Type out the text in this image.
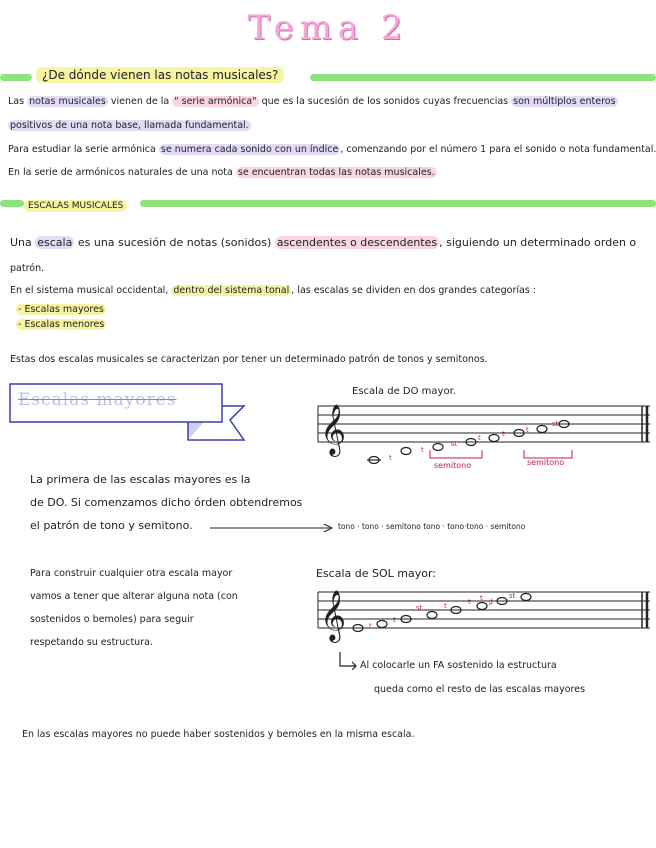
Tema 2
¿De dónde vienen las notas musicales?
Las notas musicales vienen de la " serie armónica" que es la sucesión de los sonidos cuyas frecuencias son múltiplos enteros
positivos de una nota base, llamada fundamental.
Para estudiar la serie armónica se numera cada sonido con un índice , comenzando por el número 1 para el sonido o nota fundamental.
En la serie de armónicos naturales de una nota se encuentran todas las notas musicales.
ESCALAS MUSICALES
Una escala es una sucesión de notas (sonidos) ascendentes o descendentes , siguiendo un determinado orden o
patrón.
En el sistema musical occidental, dentro del sistema tonal , las escalas se dividen en dos grandes categorías :
- Escalas mayores
- Escalas menores
Estas dos escalas musicales se caracterizan por tener un determinado patrón de tonos y semitonos.
Escalas mayores	Escala de DO mayor.
𝄞
t
t
st
t	t	t
st
semitono	semitono
La primera de las escalas mayores es la
de DO. Si comenzamos dicho órden obtendremos
el patrón de tono y semitono.	tono · tono · semitono tono · tono·tono · semitono
Escala de SOL mayor:
𝄞	♯
t
t
st	t	t t	st
Para construir cualquier otra escala mayor
vamos a tener que alterar alguna nota (con
sostenidos o bemoles) para seguir
respetando su estructura.
Al colocarle un FA sostenido la estructura
queda como el resto de las escalas mayores
En las escalas mayores no puede haber sostenidos y bemoles en la misma escala.
